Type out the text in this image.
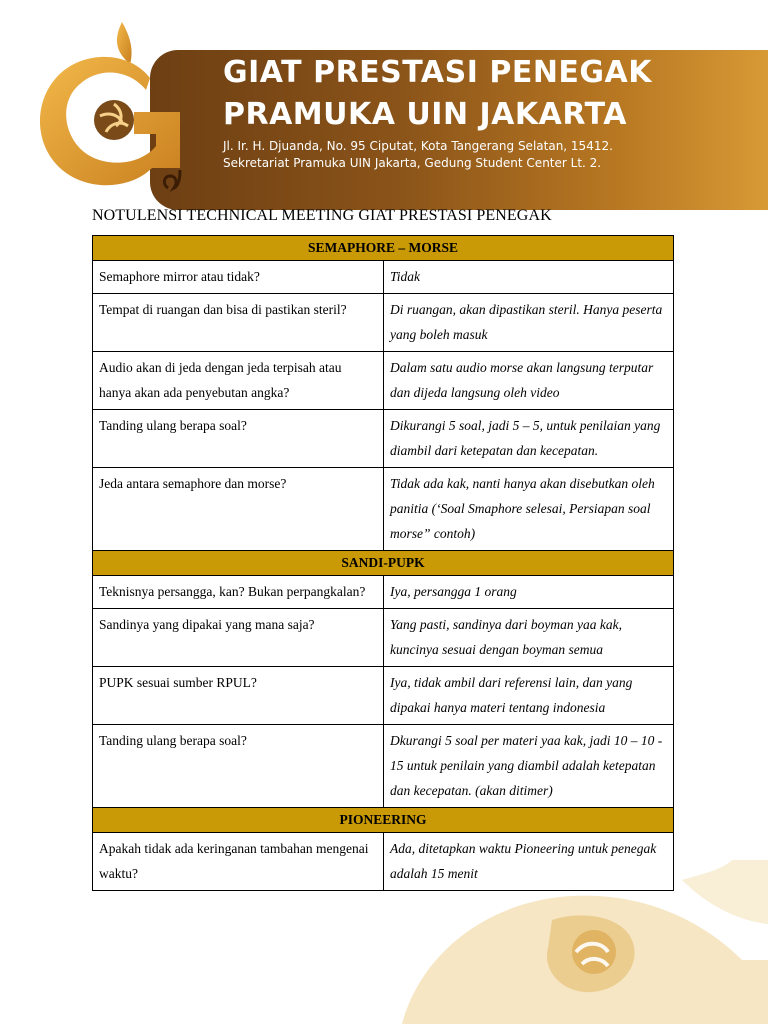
GIAT PRESTASI PENEGAK
PRAMUKA UIN JAKARTA
Jl. Ir. H. Djuanda, No. 95 Ciputat, Kota Tangerang Selatan, 15412.
Sekretariat Pramuka UIN Jakarta, Gedung Student Center Lt. 2.
NOTULENSI TECHNICAL MEETING GIAT PRESTASI PENEGAK
SEMAPHORE – MORSE	
Semaphore mirror atau tidak?	Tidak
Tempat di ruangan dan bisa di pastikan steril?	Di ruangan, akan dipastikan steril. Hanya peserta yang boleh masuk
Audio akan di jeda dengan jeda terpisah atau hanya akan ada penyebutan angka?	Dalam satu audio morse akan langsung terputar dan dijeda langsung oleh video
Tanding ulang berapa soal?	Dikurangi 5 soal, jadi 5 – 5, untuk penilaian yang diambil dari ketepatan dan kecepatan.
Jeda antara semaphore dan morse?	Tidak ada kak, nanti hanya akan disebutkan oleh panitia (‘Soal Smaphore selesai, Persiapan soal morse” contoh)
SANDI-PUPK	
Teknisnya persangga, kan? Bukan perpangkalan?	Iya, persangga 1 orang
Sandinya yang dipakai yang mana saja?	Yang pasti, sandinya dari boyman yaa kak, kuncinya sesuai dengan boyman semua
PUPK sesuai sumber RPUL?	Iya, tidak ambil dari referensi lain, dan yang dipakai hanya materi tentang indonesia
Tanding ulang berapa soal?	Dkurangi 5 soal per materi yaa kak, jadi 10 – 10 - 15 untuk penilain yang diambil adalah ketepatan dan kecepatan. (akan ditimer)
PIONEERING	
Apakah tidak ada keringanan tambahan mengenai waktu?	Ada, ditetapkan waktu Pioneering untuk penegak adalah 15 menit
